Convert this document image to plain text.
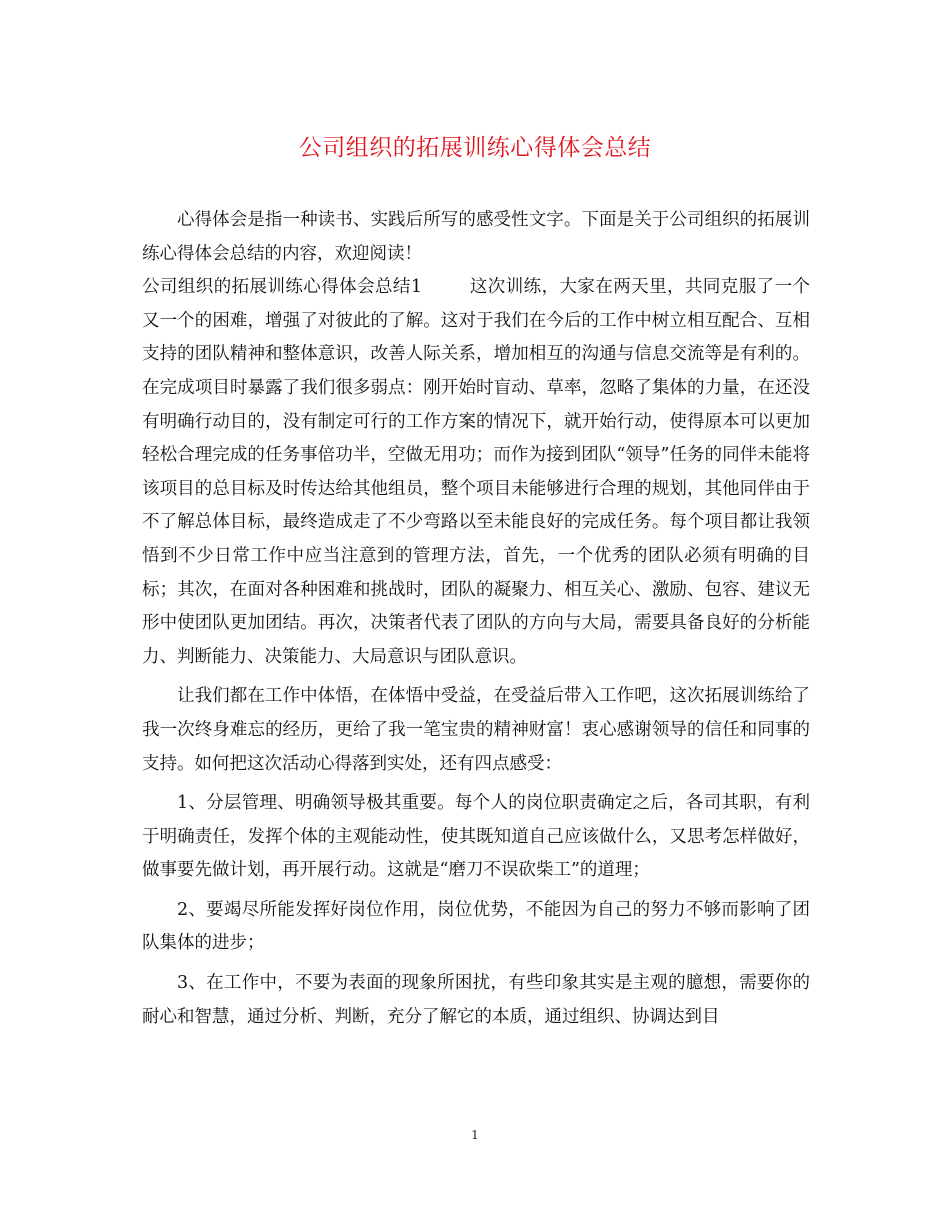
公司组织的拓展训练心得体会总结

心得体会是指一种读书、实践后所写的感受性文字。下面是关于公司组织的拓展训练心得体会总结的内容，欢迎阅读！

公司组织的拓展训练心得体会总结1	这次训练，大家在两天里，共同克服了一个又一个的困难，增强了对彼此的了解。这对于我们在今后的工作中树立相互配合、互相支持的团队精神和整体意识，改善人际关系，增加相互的沟通与信息交流等是有利的。在完成项目时暴露了我们很多弱点：刚开始时盲动、草率，忽略了集体的力量，在还没有明确行动目的，没有制定可行的工作方案的情况下，就开始行动，使得原本可以更加轻松合理完成的任务事倍功半，空做无用功；而作为接到团队“领导”任务的同伴未能将该项目的总目标及时传达给其他组员，整个项目未能够进行合理的规划，其他同伴由于不了解总体目标，最终造成走了不少弯路以至未能良好的完成任务。每个项目都让我领悟到不少日常工作中应当注意到的管理方法，首先，一个优秀的团队必须有明确的目标；其次，在面对各种困难和挑战时，团队的凝聚力、相互关心、激励、包容、建议无形中使团队更加团结。再次，决策者代表了团队的方向与大局，需要具备良好的分析能力、判断能力、决策能力、大局意识与团队意识。

让我们都在工作中体悟，在体悟中受益，在受益后带入工作吧，这次拓展训练给了我一次终身难忘的经历，更给了我一笔宝贵的精神财富！衷心感谢领导的信任和同事的支持。如何把这次活动心得落到实处，还有四点感受：

1、分层管理、明确领导极其重要。每个人的岗位职责确定之后，各司其职，有利于明确责任，发挥个体的主观能动性，使其既知道自己应该做什么，又思考怎样做好，做事要先做计划，再开展行动。这就是“磨刀不误砍柴工”的道理；

2、要竭尽所能发挥好岗位作用，岗位优势，不能因为自己的努力不够而影响了团队集体的进步；

3、在工作中，不要为表面的现象所困扰，有些印象其实是主观的臆想，需要你的耐心和智慧，通过分析、判断，充分了解它的本质，通过组织、协调达到目

1
